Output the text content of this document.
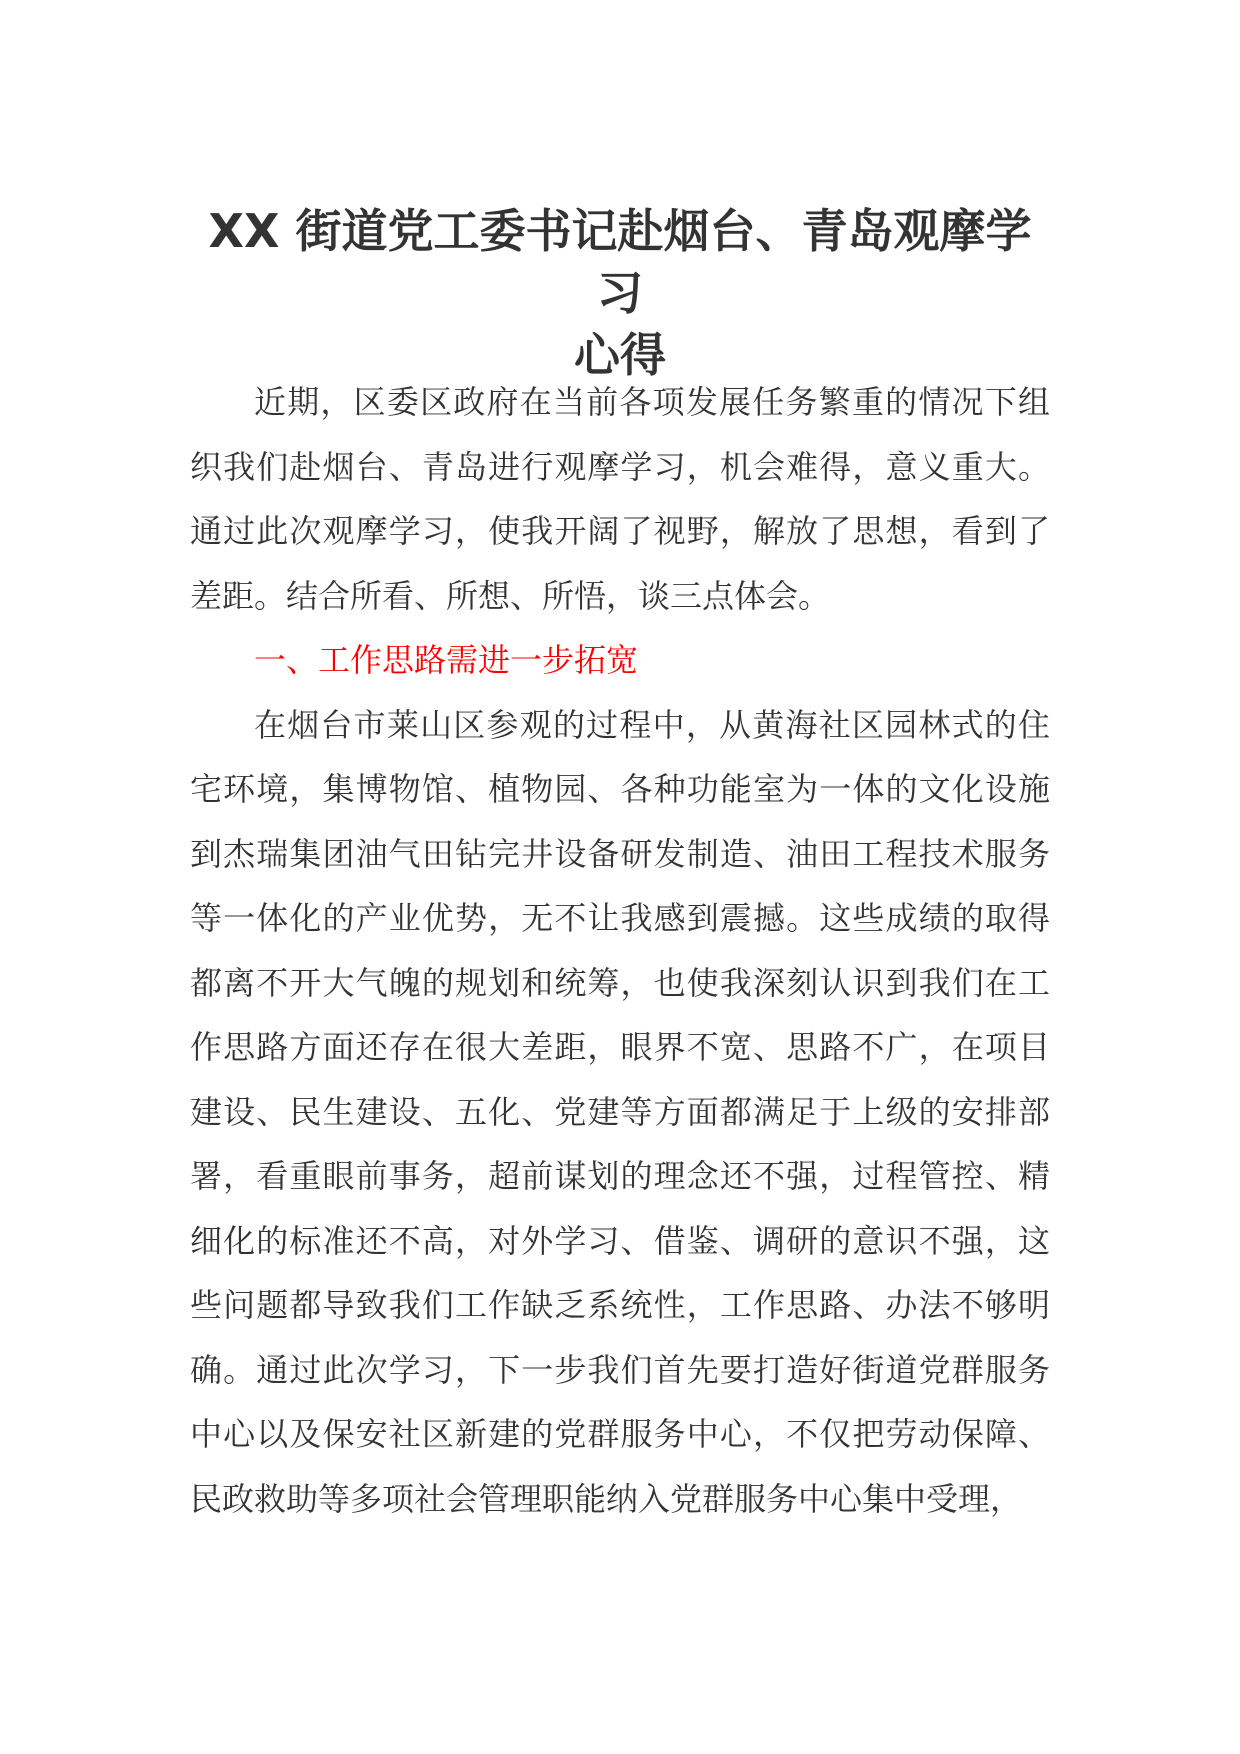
XX 街道党工委书记赴烟台、青岛观摩学习
心得

近期，区委区政府在当前各项发展任务繁重的情况下组织我们赴烟台、青岛进行观摩学习，机会难得，意义重大。通过此次观摩学习，使我开阔了视野，解放了思想，看到了差距。结合所看、所想、所悟，谈三点体会。

一、工作思路需进一步拓宽

在烟台市莱山区参观的过程中，从黄海社区园林式的住宅环境，集博物馆、植物园、各种功能室为一体的文化设施到杰瑞集团油气田钻完井设备研发制造、油田工程技术服务等一体化的产业优势，无不让我感到震撼。这些成绩的取得都离不开大气魄的规划和统筹，也使我深刻认识到我们在工作思路方面还存在很大差距，眼界不宽、思路不广，在项目建设、民生建设、五化、党建等方面都满足于上级的安排部署，看重眼前事务，超前谋划的理念还不强，过程管控、精细化的标准还不高，对外学习、借鉴、调研的意识不强，这些问题都导致我们工作缺乏系统性，工作思路、办法不够明确。通过此次学习，下一步我们首先要打造好街道党群服务中心以及保安社区新建的党群服务中心，不仅把劳动保障、民政救助等多项社会管理职能纳入党群服务中心集中受理，
